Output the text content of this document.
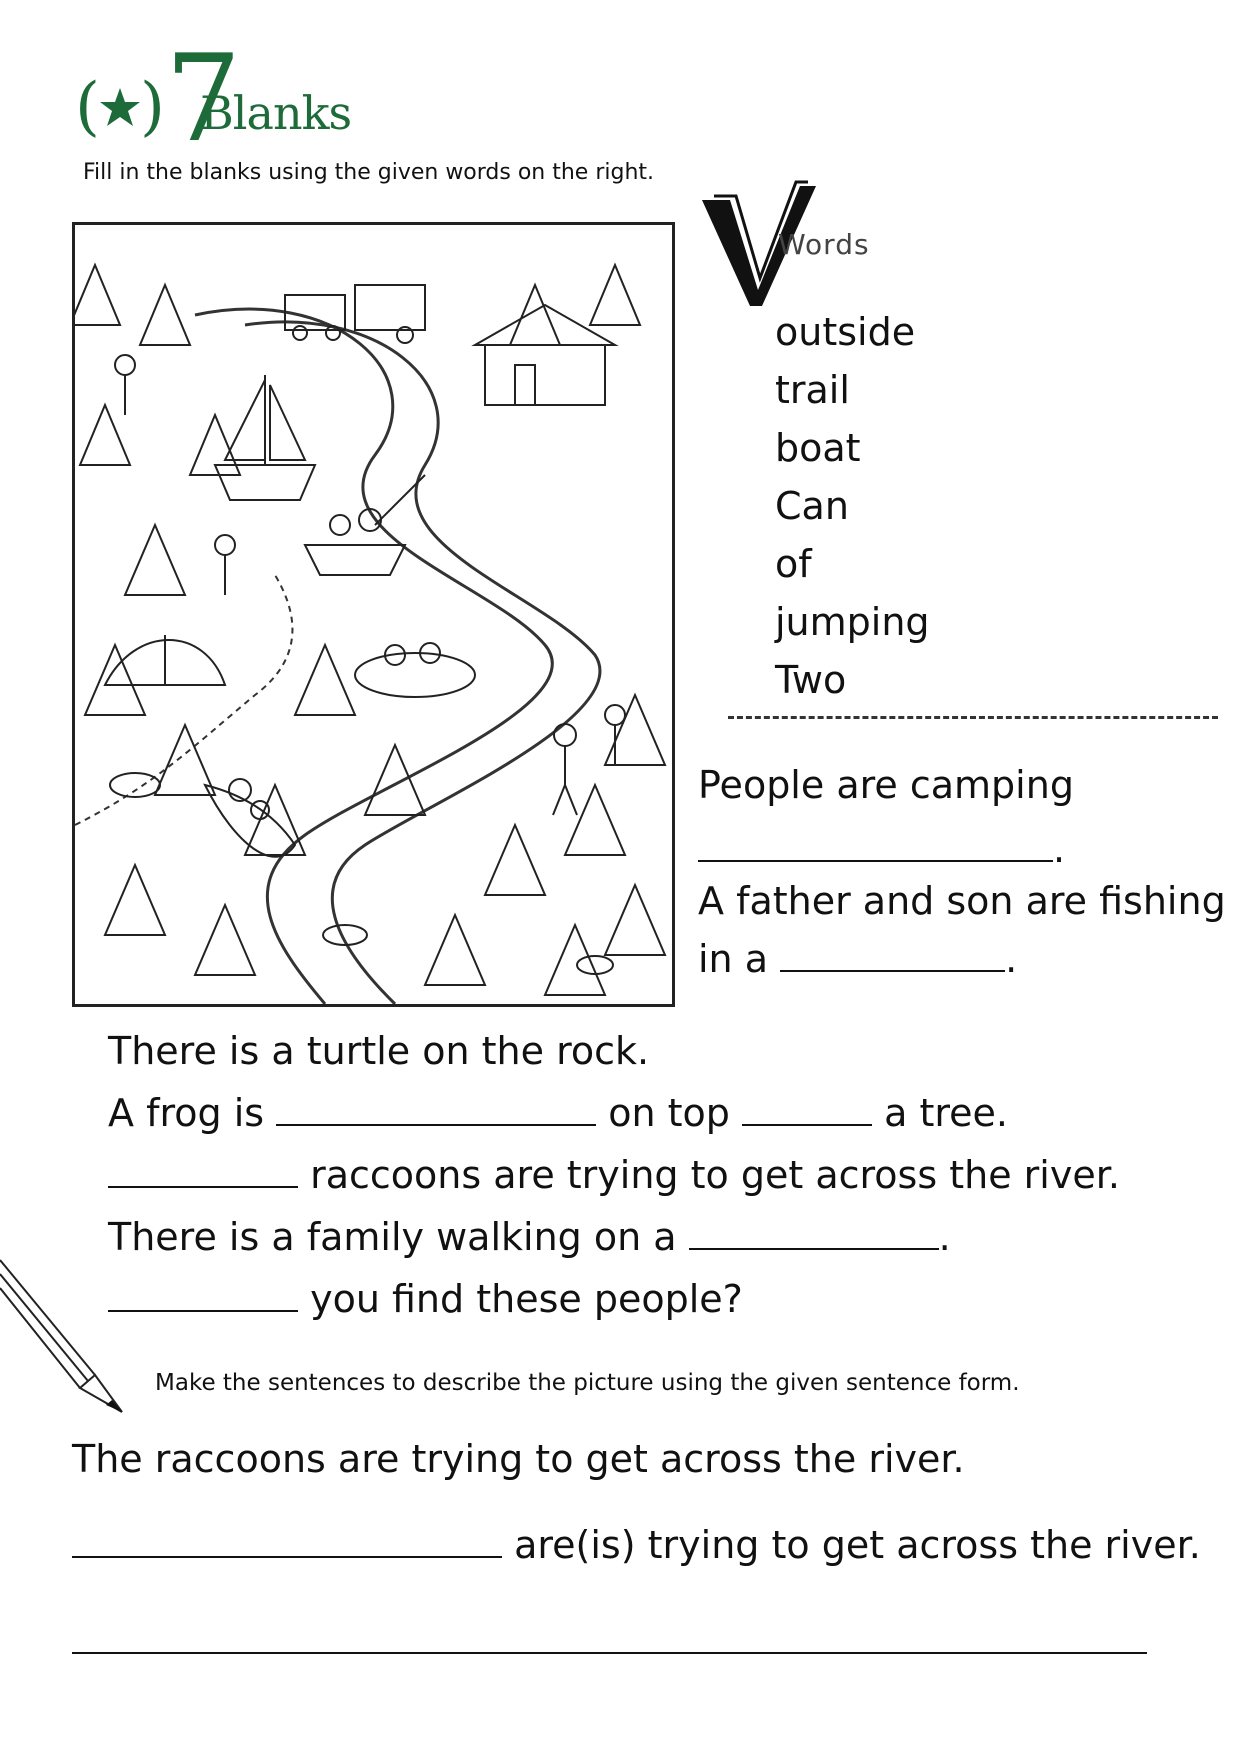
( ) 7
Blanks
Fill in the blanks using the given words on the right.
Words
outside
trail
boat
Can
of
jumping
Two
People are camping
.
A father and son are fishing
in a	.
There is a turtle on the rock.
A frog is	on top	a tree.
raccoons are trying to get across the river.
There is a family walking on a	.
you find these people?
Make the sentences to describe the picture using the given sentence form.
The raccoons are trying to get across the river.
are(is) trying to get across the river.
